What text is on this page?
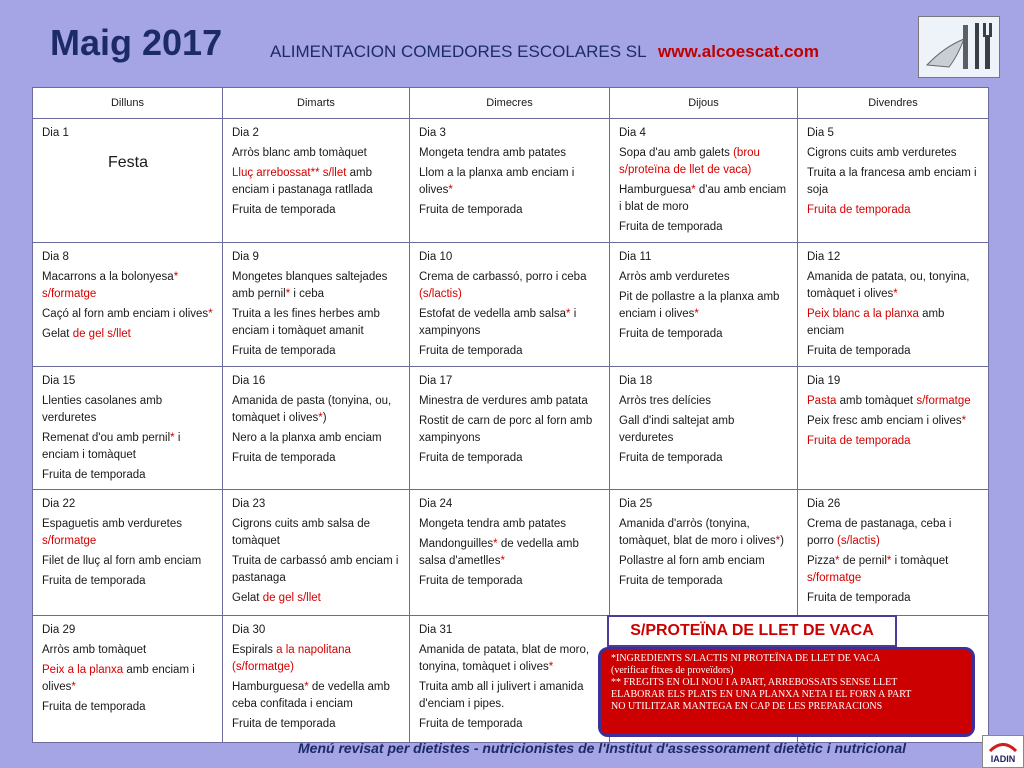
Maig 2017	ALIMENTACION COMEDORES ESCOLARES SL www.alcoescat.com
Dilluns	Dimarts	Dimecres	Dijous	Divendres

Dia 1
Festa	Dia 2
Arròs blanc amb tomàquet
Lluç arrebossat** s/llet amb enciam i pastanaga ratllada
Fruita de temporada	Dia 3
Mongeta tendra amb patates
Llom a la planxa amb enciam i olives*
Fruita de temporada	Dia 4
Sopa d'au amb galets (brou s/proteïna de llet de vaca)
Hamburguesa* d'au amb enciam i blat de moro
Fruita de temporada	Dia 5
Cigrons cuits amb verduretes
Truita a la francesa amb enciam i soja
Fruita de temporada

Dia 8
Macarrons a la bolonyesa* s/formatge
Caçó al forn amb enciam i olives*
Gelat de gel s/llet	Dia 9
Mongetes blanques saltejades amb pernil* i ceba
Truita a les fines herbes amb enciam i tomàquet amanit
Fruita de temporada	Dia 10
Crema de carbassó, porro i ceba (s/lactis)
Estofat de vedella amb salsa* i xampinyons
Fruita de temporada	Dia 11
Arròs amb verduretes
Pit de pollastre a la planxa amb enciam i olives*
Fruita de temporada	Dia 12
Amanida de patata, ou, tonyina, tomàquet i olives*
Peix blanc a la planxa amb enciam
Fruita de temporada

Dia 15
Llenties casolanes amb verduretes
Remenat d'ou amb pernil* i enciam i tomàquet
Fruita de temporada	Dia 16
Amanida de pasta (tonyina, ou, tomàquet i olives*)
Nero a la planxa amb enciam
Fruita de temporada	Dia 17
Minestra de verdures amb patata
Rostit de carn de porc al forn amb xampinyons
Fruita de temporada	Dia 18
Arròs tres delícies
Gall d'indi saltejat amb verduretes
Fruita de temporada	Dia 19
Pasta amb tomàquet s/formatge
Peix fresc amb enciam i olives*
Fruita de temporada

Dia 22
Espaguetis amb verduretes s/formatge
Filet de lluç al forn amb enciam
Fruita de temporada	Dia 23
Cigrons cuits amb salsa de tomàquet
Truita de carbassó amb enciam i pastanaga
Gelat de gel s/llet	Dia 24
Mongeta tendra amb patates
Mandonguilles* de vedella amb salsa d'ametlles*
Fruita de temporada	Dia 25
Amanida d'arròs (tonyina, tomàquet, blat de moro i olives*)
Pollastre al forn amb enciam
Fruita de temporada	Dia 26
Crema de pastanaga, ceba i porro (s/lactis)
Pizza* de pernil* i tomàquet s/formatge
Fruita de temporada

Dia 29
Arròs amb tomàquet
Peix a la planxa amb enciam i olives*
Fruita de temporada	Dia 30
Espirals a la napolitana (s/formatge)
Hamburguesa* de vedella amb ceba confitada i enciam
Fruita de temporada	Dia 31
Amanida de patata, blat de moro, tonyina, tomàquet i olives*
Truita amb all i julivert i amanida d'enciam i pipes.
Fruita de temporada		

S/PROTEÏNA DE LLET DE VACA
*INGREDIENTS S/LACTIS NI PROTEÏNA DE LLET DE VACA
(verificar fitxes de proveïdors)
** FREGITS EN OLI NOU I A PART, ARREBOSSATS SENSE LLET
ELABORAR ELS PLATS EN UNA PLANXA NETA I EL FORN A PART
NO UTILITZAR MANTEGA EN CAP DE LES PREPARACIONS
Menú revisat per dietistes - nutricionistes de l'Institut d'assessorament dietètic i nutricional
IADIN
